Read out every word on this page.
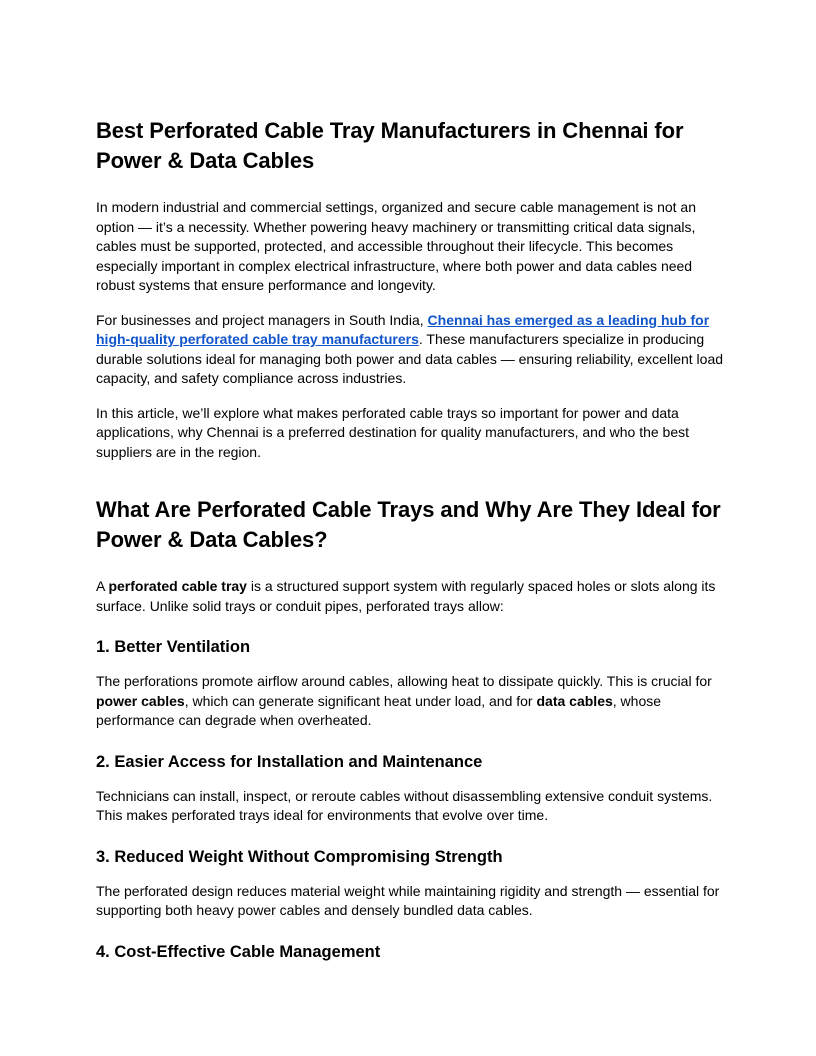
Best Perforated Cable Tray Manufacturers in Chennai for Power & Data Cables

In modern industrial and commercial settings, organized and secure cable management is not an option — it’s a necessity. Whether powering heavy machinery or transmitting critical data signals, cables must be supported, protected, and accessible throughout their lifecycle. This becomes especially important in complex electrical infrastructure, where both power and data cables need robust systems that ensure performance and longevity.

For businesses and project managers in South India, Chennai has emerged as a leading hub for high-quality perforated cable tray manufacturers. These manufacturers specialize in producing durable solutions ideal for managing both power and data cables — ensuring reliability, excellent load capacity, and safety compliance across industries.

In this article, we’ll explore what makes perforated cable trays so important for power and data applications, why Chennai is a preferred destination for quality manufacturers, and who the best suppliers are in the region.

What Are Perforated Cable Trays and Why Are They Ideal for Power & Data Cables?

A perforated cable tray is a structured support system with regularly spaced holes or slots along its surface. Unlike solid trays or conduit pipes, perforated trays allow:

1. Better Ventilation

The perforations promote airflow around cables, allowing heat to dissipate quickly. This is crucial for power cables, which can generate significant heat under load, and for data cables, whose performance can degrade when overheated.

2. Easier Access for Installation and Maintenance

Technicians can install, inspect, or reroute cables without disassembling extensive conduit systems. This makes perforated trays ideal for environments that evolve over time.

3. Reduced Weight Without Compromising Strength

The perforated design reduces material weight while maintaining rigidity and strength — essential for supporting both heavy power cables and densely bundled data cables.

4. Cost-Effective Cable Management
